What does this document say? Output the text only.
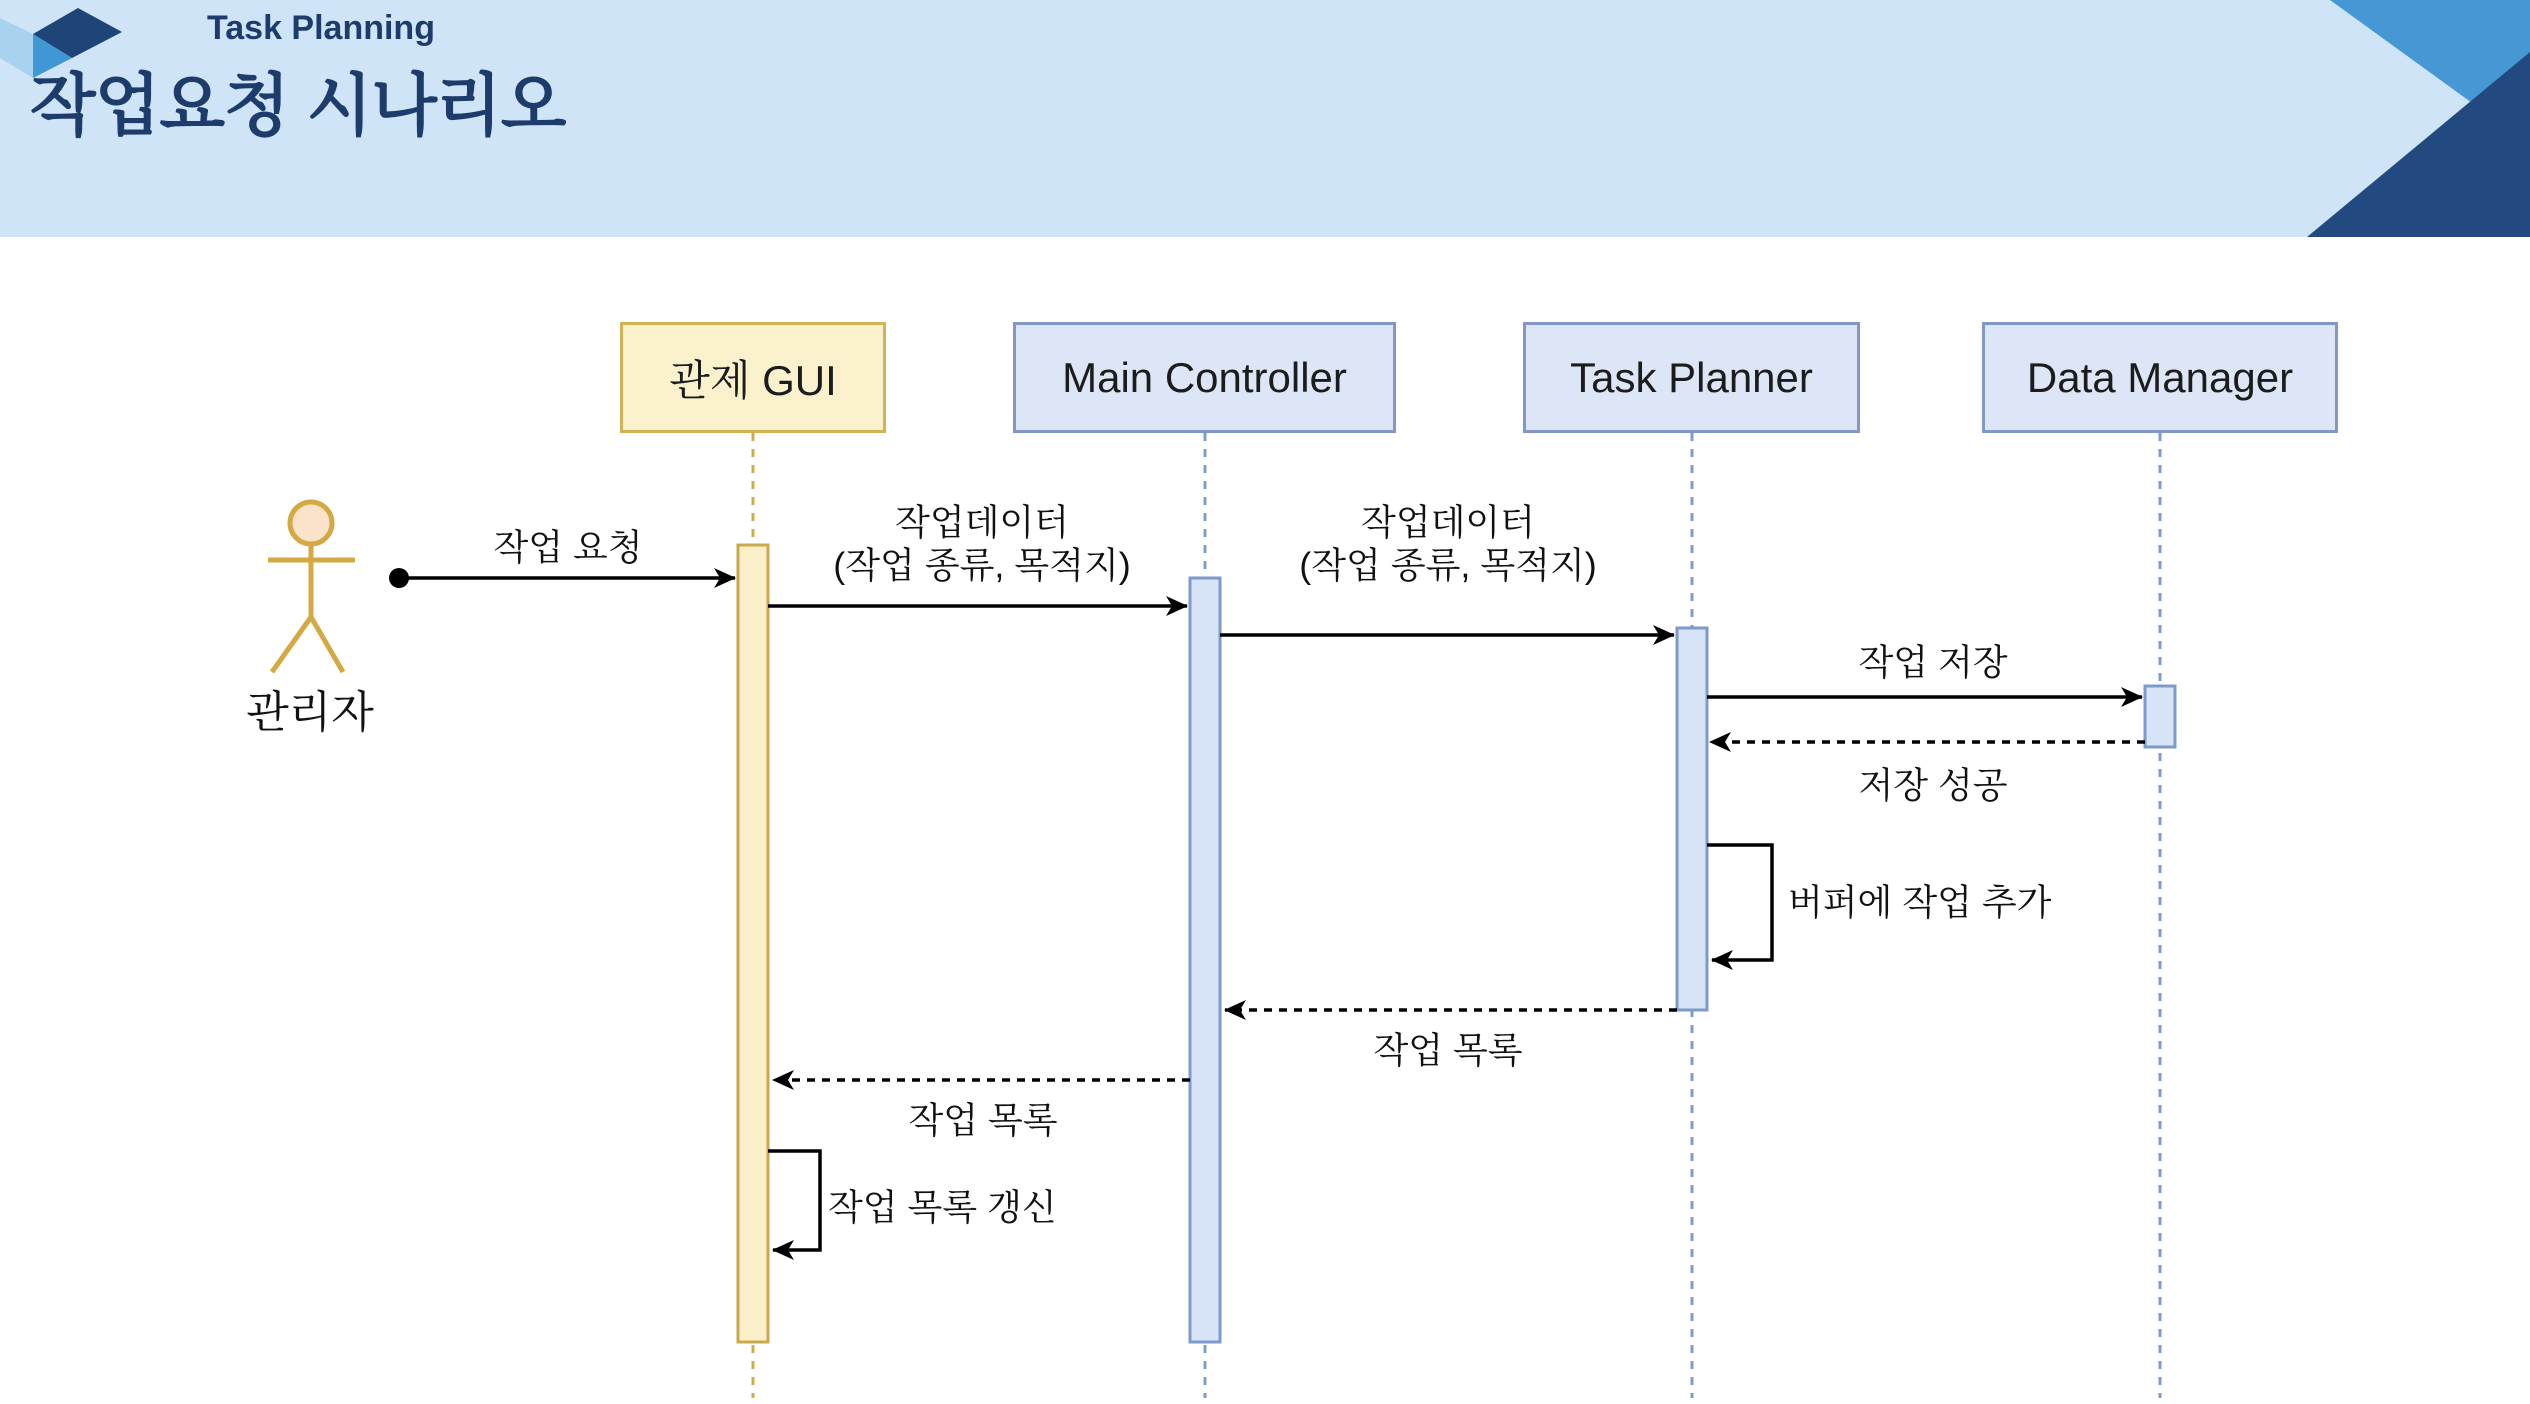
Task Planning
작업요청 시나리오
관제 GUI	Main Controller	Task Planner	Data Manager
관리자
작업 요청
작업데이터
(작업 종류, 목적지)
작업데이터
(작업 종류, 목적지)
작업 저장
저장 성공
버퍼에 작업 추가
작업 목록
작업 목록
작업 목록 갱신
